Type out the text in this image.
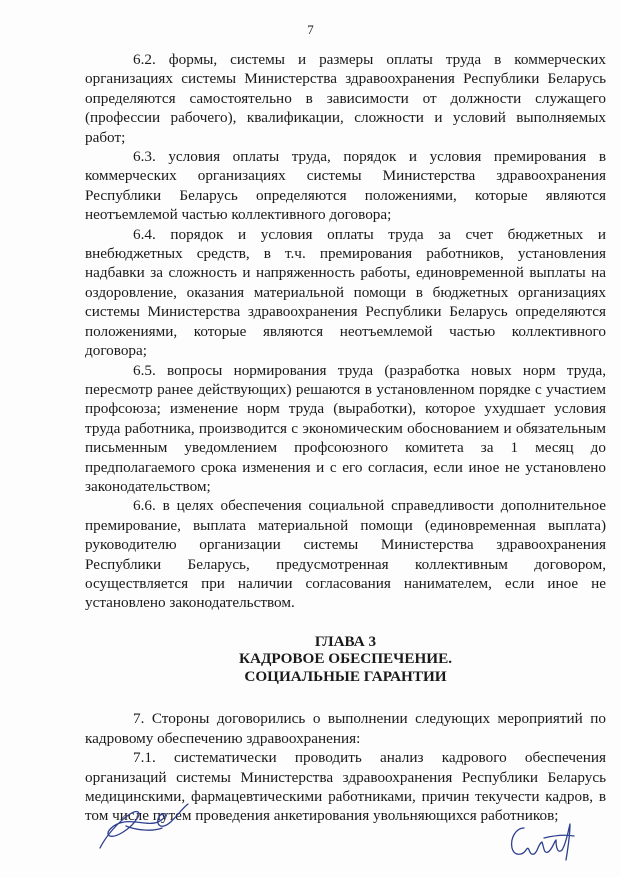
7

6.2. формы, системы и размеры оплаты труда в коммерческих организациях системы Министерства здравоохранения Республики Беларусь определяются самостоятельно в зависимости от должности служащего (профессии рабочего), квалификации, сложности и условий выполняемых работ;

6.3. условия оплаты труда, порядок и условия премирования в коммерческих организациях системы Министерства здравоохранения Республики Беларусь определяются положениями, которые являются неотъемлемой частью коллективного договора;

6.4. порядок и условия оплаты труда за счет бюджетных и внебюджетных средств, в т.ч. премирования работников, установления надбавки за сложность и напряженность работы, единовременной выплаты на оздоровление, оказания материальной помощи в бюджетных организациях системы Министерства здравоохранения Республики Беларусь определяются положениями, которые являются неотъемлемой частью коллективного договора;

6.5. вопросы нормирования труда (разработка новых норм труда, пересмотр ранее действующих) решаются в установленном порядке с участием профсоюза; изменение норм труда (выработки), которое ухудшает условия труда работника, производится с экономическим обоснованием и обязательным письменным уведомлением профсоюзного комитета за 1 месяц до предполагаемого срока изменения и с его согласия, если иное не установлено законодательством;

6.6. в целях обеспечения социальной справедливости дополнительное премирование, выплата материальной помощи (единовременная выплата) руководителю организации системы Министерства здравоохранения Республики Беларусь, предусмотренная коллективным договором, осуществляется при наличии согласования нанимателем, если иное не установлено законодательством.

ГЛАВА 3
КАДРОВОЕ ОБЕСПЕЧЕНИЕ.
СОЦИАЛЬНЫЕ ГАРАНТИИ

7. Стороны договорились о выполнении следующих мероприятий по кадровому обеспечению здравоохранения:

7.1. систематически проводить анализ кадрового обеспечения организаций системы Министерства здравоохранения Республики Беларусь медицинскими, фармацевтическими работниками, причин текучести кадров, в том числе путем проведения анкетирования увольняющихся работников;
